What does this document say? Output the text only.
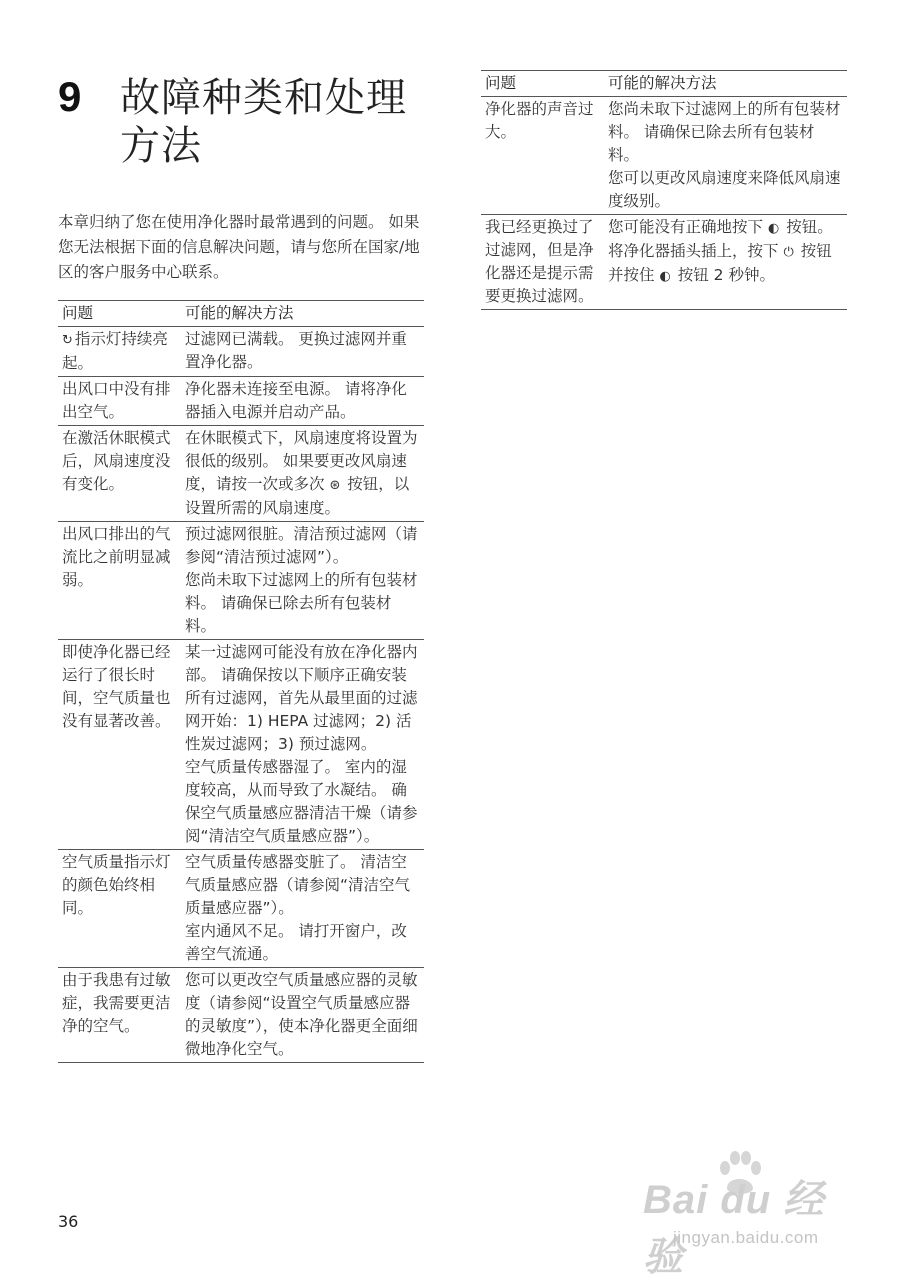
9 故障种类和处理方法

本章归纳了您在使用净化器时最常遇到的问题。 如果您无法根据下面的信息解决问题，请与您所在国家/地区的客户服务中心联系。

问题	可能的解决方法
↻ 指示灯持续亮起。	过滤网已满载。 更换过滤网并重置净化器。

出风口中没有排出空气。	净化器未连接至电源。 请将净化器插入电源并启动产品。

在激活休眠模式后，风扇速度没有变化。	在休眠模式下，风扇速度将设置为很低的级别。 如果要更改风扇速度，请按一次或多次 ⊛ 按钮，以设置所需的风扇速度。

出风口排出的气流比之前明显减弱。	预过滤网很脏。清洁预过滤网（请参阅“清洁预过滤网”）。

您尚未取下过滤网上的所有包装材料。 请确保已除去所有包装材料。

即使净化器已经运行了很长时间，空气质量也没有显著改善。	某一过滤网可能没有放在净化器内部。 请确保按以下顺序正确安装所有过滤网，首先从最里面的过滤网开始：1) HEPA 过滤网；2) 活性炭过滤网；3) 预过滤网。

空气质量传感器湿了。 室内的湿度较高，从而导致了水凝结。 确保空气质量感应器清洁干燥（请参阅“清洁空气质量感应器”）。

空气质量指示灯的颜色始终相同。	空气质量传感器变脏了。 清洁空气质量感应器（请参阅“清洁空气质量感应器”）。

室内通风不足。 请打开窗户，改善空气流通。

由于我患有过敏症，我需要更洁净的空气。	您可以更改空气质量感应器的灵敏度（请参阅“设置空气质量感应器的灵敏度”），使本净化器更全面细微地净化空气。

问题	可能的解决方法
净化器的声音过大。	您尚未取下过滤网上的所有包装材料。 请确保已除去所有包装材料。

您可以更改风扇速度来降低风扇速度级别。

我已经更换过了过滤网，但是净化器还是提示需要更换过滤网。	您可能没有正确地按下 ◐ 按钮。 将净化器插头插上，按下 ⏻ 按钮并按住 ◐ 按钮 2 秒钟。

36	Bai du 经验
jingyan.baidu.com
